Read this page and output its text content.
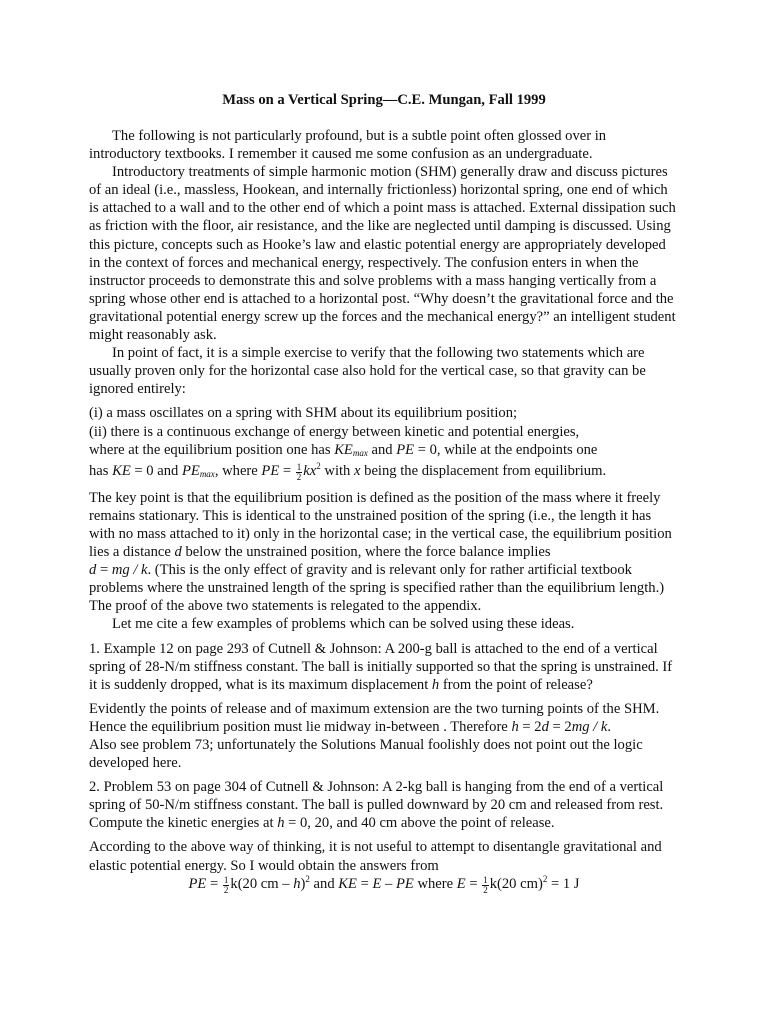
Mass on a Vertical Spring—C.E. Mungan, Fall 1999

The following is not particularly profound, but is a subtle point often glossed over in introductory textbooks. I remember it caused me some confusion as an undergraduate.

Introductory treatments of simple harmonic motion (SHM) generally draw and discuss pictures of an ideal (i.e., massless, Hookean, and internally frictionless) horizontal spring, one end of which is attached to a wall and to the other end of which a point mass is attached. External dissipation such as friction with the floor, air resistance, and the like are neglected until damping is discussed. Using this picture, concepts such as Hooke’s law and elastic potential energy are appropriately developed in the context of forces and mechanical energy, respectively. The confusion enters in when the instructor proceeds to demonstrate this and solve problems with a mass hanging vertically from a spring whose other end is attached to a horizontal post. “Why doesn’t the gravitational force and the gravitational potential energy screw up the forces and the mechanical energy?” an intelligent student might reasonably ask.

In point of fact, it is a simple exercise to verify that the following two statements which are usually proven only for the horizontal case also hold for the vertical case, so that gravity can be ignored entirely:

(i) a mass oscillates on a spring with SHM about its equilibrium position;

(ii) there is a continuous exchange of energy between kinetic and potential energies,

where at the equilibrium position one has $KE_{max}$ and PE = 0, while at the endpoints one

has KE = 0 and $PE_{max}$, where PE = $\frac{1}{2} kx^2$ with x being the displacement from equilibrium.

The key point is that the equilibrium position is defined as the position of the mass where it freely remains stationary. This is identical to the unstrained position of the spring (i.e., the length it has with no mass attached to it) only in the horizontal case; in the vertical case, the equilibrium position lies a distance d below the unstrained position, where the force balance implies
d = mg / k. (This is the only effect of gravity and is relevant only for rather artificial textbook problems where the unstrained length of the spring is specified rather than the equilibrium length.) The proof of the above two statements is relegated to the appendix.

Let me cite a few examples of problems which can be solved using these ideas.

1. Example 12 on page 293 of Cutnell & Johnson: A 200-g ball is attached to the end of a vertical spring of 28-N/m stiffness constant. The ball is initially supported so that the spring is unstrained. If it is suddenly dropped, what is its maximum displacement h from the point of release?

Evidently the points of release and of maximum extension are the two turning points of the SHM. Hence the equilibrium position must lie midway in-between . Therefore h = 2d = 2mg / k.
Also see problem 73; unfortunately the Solutions Manual foolishly does not point out the logic developed here.

2. Problem 53 on page 304 of Cutnell & Johnson: A 2-kg ball is hanging from the end of a vertical spring of 50-N/m stiffness constant. The ball is pulled downward by 20 cm and released from rest. Compute the kinetic energies at h = 0, 20, and 40 cm above the point of release.

According to the above way of thinking, it is not useful to attempt to disentangle gravitational and elastic potential energy. So I would obtain the answers from

PE = $\frac{1}{2} k(20$ cm – h)$^2$ and KE = E – PE where $E = \frac{1}{2} k(20$ cm)$^2$ = 1 J
